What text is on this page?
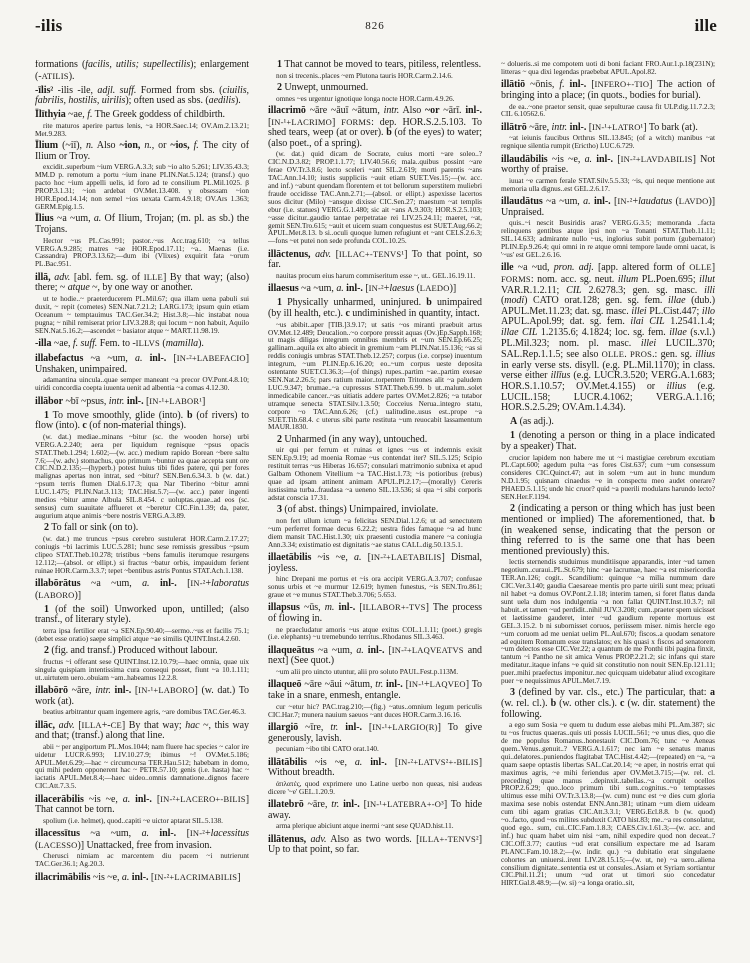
-ilis	826	ille

formations (facilis, utilis; supellectilis); enlargement (-ATILIS).

-īlis² -ilis -ile, adjl. suff. Formed from sbs. (ciuilis, fabrilis, hostilis, uirilis); often used as sbs. (aedilis).

Īlīthyia ~ae, f. The Greek goddess of childbirth.

rite maturos aperire partus lenis, ~a HOR.Saec.14; OV.Am.2.13.21; Met.9.283.

Īlium (~iī), n. Also ~ion, n., or ~ios, f. The city of Ilium or Troy.

excidit..superbum ~ium VERG.A.3.3; sub ~io alto 5.261; LIV.35.43.3; MM.D p. remotum a portu ~ium inane PLIN.Nat.5.124; (transf.) quo pacto hoc ~ium appelli uelis, id foro ad te consilium PL.Mil.1025. β PROP.3.1.31; ~ion ardebat OV.Met.13.408. γ obsessam ~ion HOR.Epod.14.14; non semel ~ios uexata Carm.4.9.18; OV.Ars 1.363; GERM.Epig.1.5.

Īlius ~a ~um, a. Of Ilium, Trojan; (m. pl. as sb.) the Trojans.

Hector ~us PL.Cas.991; pastor..~us Acc.trag.610; ~a tellus VERG.A.9.285; matres ~ae HOR.Epod.17.11; ~a.. Maenas (i.e. Cassandra) PROP.3.13.62;—dum ibi (Vlixes) exquirit fata ~orum PL.Bac.951.

illā, adv. [abl. fem. sg. of ILLE] By that way; (also) there; ~ atque ~, by one way or another.

ut te hodie..~ praeterducerem PL.Mil.67; qua illam uena pabuli sui duxit, ~ repit (cometes) SEN.Nat.7.21.2; LARG.173; ipsum quin etiam Oceanum ~ temptauimus TAC.Ger.34.2; Hist.3.8;—hic instabat noua pugna; ~ nihil remiserat prior LIV.3.28.8; qui locum ~ non habuit, Aquilo SEN.Nat.5.16.2;—ascendet ~ basiator atque ~ MART.11.98.19.

-illa ~ae, f. suff. Fem. to -ILLVS (mamilla).

illabefactus ~a ~um, a. inl-. [IN-²+LABEFACIO] Unshaken, unimpaired.

adamantina uincula..quae semper maneant ~a precor OV.Pont.4.8.10; uiridi concordia coepta iuuenta uenit ad albentia ~a comas 4.12.30.

illābor ~bī ~psus, intr. inl-. [IN-¹+LABOR¹]

1 To move smoothly, glide (into). b (of rivers) to flow (into). c (of non-material things).

(w. dat.) mediae..minans ~bitur (sc. the wooden horse) urbi VERG.A.2.240; aera per liquidum regnisque ~psus opacis STAT.Theb.1.294; 1.602;—(w. acc.) medium rapido Borean ~bere saltu 7.6;—(w. adv.) stomachus, quo primum ~buntur ea quae accepta sunt ore CIC.N.D.2.135;—(hyperb.) potest huius tibi fides patere, qui per fores malignas apertas non intrat, sed ~bitur? SEN.Ben.6.34.3. b (w. dat.) ~psum terris flumen Dial.6.17.3; qua Nar Tiberino ~bitur amni LUC.1.475; PLIN.Nat.3.113; TAC.Hist.5.7;—(w. acc.) pater ingenti medios ~bitur amne Albula SIL.8.454. c uoluptas..quae..ad eos (sc. sensus) cum suauitate afflueret et ~beretur CIC.Fin.1.39; da, pater, augurium atque animis ~bere nostris VERG.A.3.89.

2 To fall or sink (on to).

(w. dat.) me truncus ~psus cerebro sustulerat HOR.Carm.2.17.27; coniugis ~bi lacrimis LUC.5.281; hunc sese remissis gressibus ~psum clipeo STAT.Theb.10.278; tristibus ~bens famulis iterumque resurgens 12.112;—(absol. or ellipt.) si fractus ~batur orbis, impauidum ferient ruinae HOR.Carm.3.3.7; tepet ~bentibus astris Pontus STAT.Ach.1.138.

illabōrātus ~a ~um, a. inl-. [IN-²+laboratus (LABORO)]

1 (of the soil) Unworked upon, untilled; (also transf., of literary style).

terra ipsa fertilior erat ~a SEN.Ep.90.40;—sermo..~us et facilis 75.1; (debet esse oratio) saepe simplici atque ~ae similis QUINT.Inst.4.2.60.

2 (fig. and transf.) Produced without labour.

fructus ~i offerant sese QUINT.Inst.12.10.79;—haec omnia, quae uix singula quispiam intentissima cura consequi posset, fiunt ~a 10.1.111; ut..uirtutem uero..obuiam ~am..habeamus 12.2.8.

illabōrō ~āre, intr. inl-. [IN-¹+LABORO] (w. dat.) To work (at).

beatius arbitrantur quam ingemere agris, ~are domibus TAC.Ger.46.3.

illāc, adv. [ILLA+-CE] By that way; hac ~, this way and that; (transf.) along that line.

abii ~ per angiportum PL.Mos.1044; nam fluere hac species ~ calor ire uidetur LUCR.6.993; LIV.10.27.9; ibimus ~! OV.Met.5.186; APUL.Met.6.29;—hac ~ circumcursa TER.Hau.512; habebam in domo, qui mihi pedem opponerent hac ~ PETR.57.10; genis (i.e. hasta) hac ~ iactatis APUL.Met.8.4;—haec uideo..omnis damnatione..dignos facere CIC.Att.7.3.5.

illacerābilis ~is ~e, a. inl-. [IN-²+LACERO+-BILIS] That cannot be torn.

spolium (i.e. helmet), quod..capiti ~e uictor aptarat SIL.5.138.

illacessītus ~a ~um, a. inl-. [IN-²+lacessitus (LACESSO)] Unattacked, free from invasion.

Cherusci nimiam ac marcentem diu pacem ~i nutrierunt TAC.Ger.36.1; Ag.20.3.

illacrimābilis ~is ~e, a. inl-. [IN-²+LACRIMABILIS]

1 That cannot be moved to tears, pitiless, relentless.

non si trecenis..places ~em Plutona tauris HOR.Carm.2.14.6.

2 Unwept, unmourned.

omnes ~es urgentur ignotique longa nocte HOR.Carm.4.9.26.

illacrimō ~āre ~āuī ~ātum, intr. Also ~or ~ārī. inl-. [IN-¹+LACRIMO] FORMS: dep. HOR.S.2.5.103. To shed tears, weep (at or over). b (of the eyes) to water; (also poet., of a spring).

(w. dat.) quid dicam de Socrate, cuius morti ~are soleo..? CIC.N.D.3.82; PROP.1.1.77; LIV.40.56.6; mala..quibus possint ~are ferae OV.Tr.3.8.6; lecto sceleri ~ant SIL.2.619; morti parentis ~ans TAC.Ann.14.10; iustis suppliciis ~auit etiam SUET.Ves.15;—(w. acc. and inf.) ~abunt quendam florentem et tot bellorum superstitem muliebri fraude occidisse TAC.Ann.2.71;—(absol. or ellipt.) aspexisse lacertos suos dicitur (Milo) ~ansque dixisse CIC.Sen.27; maestum ~at templis ebur (i.e. statues) VERG.G.1.480; sic ait ~ans A.9.303; HOR.S.2.5.103; ~asse dicitur..gaudio tantae perpetratae rei LIV.25.24.11; maeret, ~at, gemit SEN.Tro.615; ~auit et uicem suam conquestus est SUET.Aug.66.2; APUL.Met.8.13. b si..oculi quoque lumen refugiunt et ~ant CELS.2.6.3;—fons ~et putei non sede profunda COL.10.25.

illāctenus, adv. [ILLAC+-TENVS¹] To that point, so far.

nauitas procum eius harum commiseritum esse ~, ut.. GEL.16.19.11.

illaesus ~a ~um, a. inl-. [IN-²+laesus (LAEDO)]

1 Physically unharmed, uninjured. b unimpaired (by ill health, etc.). c undiminished in quantity, intact.

~us abibit..aper [TIB.]3.9.17; ut satis ~os miranti praebuit artus OV.Met.12.489; Deucalion..~o corpore pressit aquas (Ov.)Ep.Sapph.168; ut magis diligas integrum omnibus membris et ~um SEN.Ep.66.25; gallinam..aquila ex alto abiecit in gremium ~am PLIN.Nat.15.136; ~as si reddis coniugis umbras STAT.Theb.12.257; corpus (i.e. corpse) inuentum integrum, ~um PLIN.Ep.6.16.20; eo..~um corpus ueste deposita ostentante SUET.Cl.36.3;—(of things) rupes..partim ~ae..partim exesae SEN.Nat.2.26.5; pars ratium maior..torpentem Tritones alit ~a paludem LUC.9.347; brumae..~a cupressus STAT.Theb.6.99. b ut..malum..solet inmedicabile cancer..~as uitiatis addere partes OV.Met.2.826; ~a tutabor utramque senecta STAT.Silv.1.3.50; Cocceius Nerua..integro statu, corpore ~o TAC.Ann.6.26; (cf.) ualitudine..usus est..prope ~a SUET.Tib.68.4. c uterus sibi parte restituta ~um reuocabit lassamentum MAUR.1830.

2 Unharmed (in any way), untouched.

uir qui per ferrum et ruinas et ignes ~us et indemnis exisit SEN.Ep.9.19; ad moenia Romae ~us contendat iter? SIL.5.125; Scipio restituit terras ~us Hiberas 16.657; consulari matrimonio subnixa et apud Galbam Othonem Vitellium ~a TAC.Hist.1.73; ~is potioribus (rebus) quae ad ipsam attinent animam APUL.Pl.2.17;—(morally) Cereris iustissima turba..fraudasa ~a ueneno SIL.13.536; si qua ~i sibi corporis adstat conscia 17.31.

3 (of abst. things) Unimpaired, inviolate.

non fert ullum ictum ~a felicitas SEN.Dial.1.2.6; ut ad senectutem ~um perferret formae decus 6.22.2; uestra fides famaque ~a ad hunc diem mansit TAC.Hist.1.30; uix praesenti custodia manere ~a coniugia Ann.3.34; existimatio est dignitatis ~ae status CALL.dig.50.13.5.1.

illaetābilis ~is ~e, a. [IN-²+LAETABILIS] Dismal, joyless.

hinc Drepani me portus et ~is ora accipit VERG.A.3.707; confusae sonus urbis et ~e murmur 12.619; hymen funestus, ~is SEN.Tro.861; graue et ~e munus STAT.Theb.3.706; 5.653.

illapsus ~ūs, m. inl-. [ILLABOR+-TVS] The process of flowing in.

ne praecludatur amoris ~us atque exitus COL.1.1.11; (poet.) gregis (i.e. elephants) ~u tremebundo territus..Rhodanus SIL.3.463.

illaqueātus ~a ~um, a. inl-. [IN-²+LAQVEATVS and next] (See quot.)

~um alii pro uincto utuntur, alii pro soluto PAUL.Fest.p.113M.

illaqueō ~āre ~āui ~ātum, tr. inl-. [IN-¹+LAQVEO] To take in a snare, enmesh, entangle.

cur ~etur hic? PAC.trag.210;—(fig.) ~atus..omnium legum periculis CIC.Har.7; munera nauium saeuos ~ant duces HOR.Carm.3.16.16.

illargiō ~īre, tr. inl-. [IN-¹+LARGIO(R)] To give generously, lavish.

pecuniam ~ibo tibi CATO orat.140.

illātābilis ~is ~e, a. inl-. [IN-²+LATVS²+-BILIS] Without breadth.

ἀπλατές, quod exprimere uno Latine uerbo non queas, nisi audeas dicere '~e' GEL.1.20.9.

illatebrō ~āre, tr. inl-. [IN-¹+LATEBRA+-O³] To hide away.

arma plerique abiciunt atque inermi ~ant sese QUAD.hist.11.

illātenus, adv. Also as two words. [ILLA+-TENVS²] Up to that point, so far.

~ dolueris..si me compotem uoti di boni faciant FRO.Aur.1.p.18(231N); litteras ~ qua dixi legendas praebebat APUL.Apol.82.

illātiō ~ōnis, f. inl-. [INFERO+-TIO] The action of bringing into a place; (in quots., bodies for burial).

de ea..~one praetor sensit, quae sepulturae causa fit ULP.dig.11.7.2.3; CIL 6.10562.6.

illātrō ~āre, intr. inl-. [IN-¹+LATRO¹] To bark (at).

~at ieiunis faucibus Orthrus SIL.13.845; (of a witch) manibus ~at regnique silentia rumpit (Erictho) LUC.6.729.

illaudābilis ~is ~e, a. inl-. [IN-²+LAVDABILIS] Not worthy of praise.

iuuat ~e carmen ferale STAT.Silv.5.5.33; ~is, qui neque mentione aut memoria ulla dignus..est GEL.2.6.17.

illaudātus ~a ~um, a. inl-. [IN-²+laudatus (LAVDO)] Unpraised.

quis..~i nescit Busiridis aras? VERG.G.3.5; memoranda ..facta relinquens gentibus atque ipsi non ~a Tonanti STAT.Theb.11.11; SIL.14.633; admirante nullo ~us, inglorius subit portum (gubernator) PLIN.Ep.9.26.4; qui omni in re atque omni tempore laude omni uacat, is '~us' est GEL.2.6.16.

ille ~a ~ud, pron. adj. [app. altered form of OLLE] FORMS: nom. acc. sg. neut. illum PL.Poen.695; illut VAR.R.1.2.11; CIL 2.6278.3; gen. sg. masc. illi (modi) CATO orat.128; gen. sg. fem. illae (dub.) APUL.Met.11.23; dat. sg. masc. illei PL.Cist.447; illo APUL.Apol.99; dat. sg. fem. ilai CIL 1.2541.1.4; illae CIL 1.2135.6; 4.1824; loc. sg. fem. illae (s.v.l.) PL.Mil.323; nom. pl. masc. illei LUCIL.370; SAL.Rep.1.1.5; see also OLLE. PROS.: gen. sg. illius in early verse sts. disyll. (e.g. PL.Mil.1170); in class. verse either illīus (e.g. LUCR.3.520; VERG.A.1.683; HOR.S.1.10.57; OV.Met.4.155) or illius (e.g. LUCIL.158; LUCR.4.1062; VERG.A.1.16; HOR.S.2.5.29; OV.Am.1.4.34).

A (as adj.).

1 (denoting a person or thing in a place indicated by a speaker) That.

crucior lapidem non habere me ut ~i mastigiae cerebrum excutiam PL.Capt.600; agedum pulta ~as fores Cist.637; cum ~um consessum consideres CIC.Quinct.47; aut in solem ~um aut in hunc mundum N.D.1.95; quisnam cinaedus ~e in conspectu meo audet onerare? PHAED.5.1.15; unde hic cruor? quid ~a puerili modulans harundo lecto? SEN.Her.F.1194.

2 (indicating a person or thing which has just been mentioned or implied) The aforementioned, that. b (in weakened sense, indicating that the person or thing referred to is the same one that has been mentioned previously) this.

lectis sternendis studuimus munditiisque apparandis, inter ~ud tamen negotium..curaui..PL.St.679; hinc ~ae lacrumae, haec ~a est misericordia TER.An.126; cogit.. Scandilium: quinque ~a milia nummum dare CIC.Ver.3.140; gaudia Caesareae mentis pro parte uirili sunt mea; priuati nil habet ~a domus OV.Pont.2.1.18; interim tamen, si foret flatus danda sunt uela dum nos indulgentia ~a non fallat QUINT.Inst.10.3.7; nil habuit..et tamen ~ud perdidit..nihil JUV.3.208; cum..praeter spem uicisset et laetissime gauderet, inter ~ud gaudium repente mortuus est GEL.3.15.2. b ni subornisset coruos, periissem miser. nimis hercle ego ~um coruom ad me ueniat uelim PL.Aul.670; fiscos..a quodam senatore ad equitem Romanum esse translatos; ex his quasi x fiscos ad senatorem ~um delectos esse CIC.Ver.22; a quantum de me Ponthi tibi pagina finxit, tantum ~i Pantho ne sit amica Venus PROP.2.21.2; sic infans qui stare meditatur..itaque infans ~e quid sit constitutio non nouit SEN.Ep.121.11; puer..mihi praefectus imponitur..nec quicquam uidebatur aliud excogitare puer ~e nequissimus APUL.Met.7.19.

3 (defined by var. cls., etc.) The particular, that: a (w. rel. cl.). b (w. other cls.). c (w. dir. statement) the following.

a ego sum Sosia ~e quem tu dudum esse aiebas mihi PL.Am.387; sic tu ~os fructus quaeras..quis uti possis LUCIL.561; ~e unus dies, quo die de me populus Romanus..honestauit CIC.Dom.76; tunc ~e Aeneas quem..Venus..genuit..? VERG.A.1.617; nec iam ~e senatus manus qui..delatores..puniendos flagitabat TAC.Hist.4.42;—(repeated) en ~a, ~a quam saepe optastis libertas SAL.Cat.20.14; ~e aper, in nostris errat qui maximus agris, ~e mihi feriendus aper OV.Met.3.715;—(w. rel. cl. preceding) quae manus ..depinxit..tabellas..~a corrupit ocellos PROP.2.6.29; quo..loco primum tibi sum..cognitus..~o temptasses ultimus esse mihi OV.Tr.3.13.8;—(w. cum) nunc est ~e dies cum gloria maxima sese nobis ostendat ENN.Ann.381; utinam ~um diem uideam cum tibi agam gratias CIC.Att.3.3.1; VERG.Ecl.8.8. b (w. quod) ~o..facto, quod ~os milites subduxit CATO hist.83; me..~a res consolatur, quod ego.. sum, cui..CIC.Fam.1.8.3; CAES.Civ.1.61.3;—(w. acc. and inf.) huc quam habet uim nisi ~am, nihil expedire quod non deceat..? CIC.Off.3.77; cautius ~ud erat consilium expectare me ad Isaram PLANC.Fam.10.18.2;—(w. indir. qu.) ~a dubitatio erat singulaene cohortes an uniuersi..irent LIV.28.15.15;—(w. ut, ne) ~a uero..aliena consilium dignitate..sententia est ut consules..Asiam et Syriam sortiantur CIC.Phil.11.21; unum ~ud orat ut timori suo concedatur HIRT.Gal.8.48.9;—(w. si) ~a longa oratio..sit,
